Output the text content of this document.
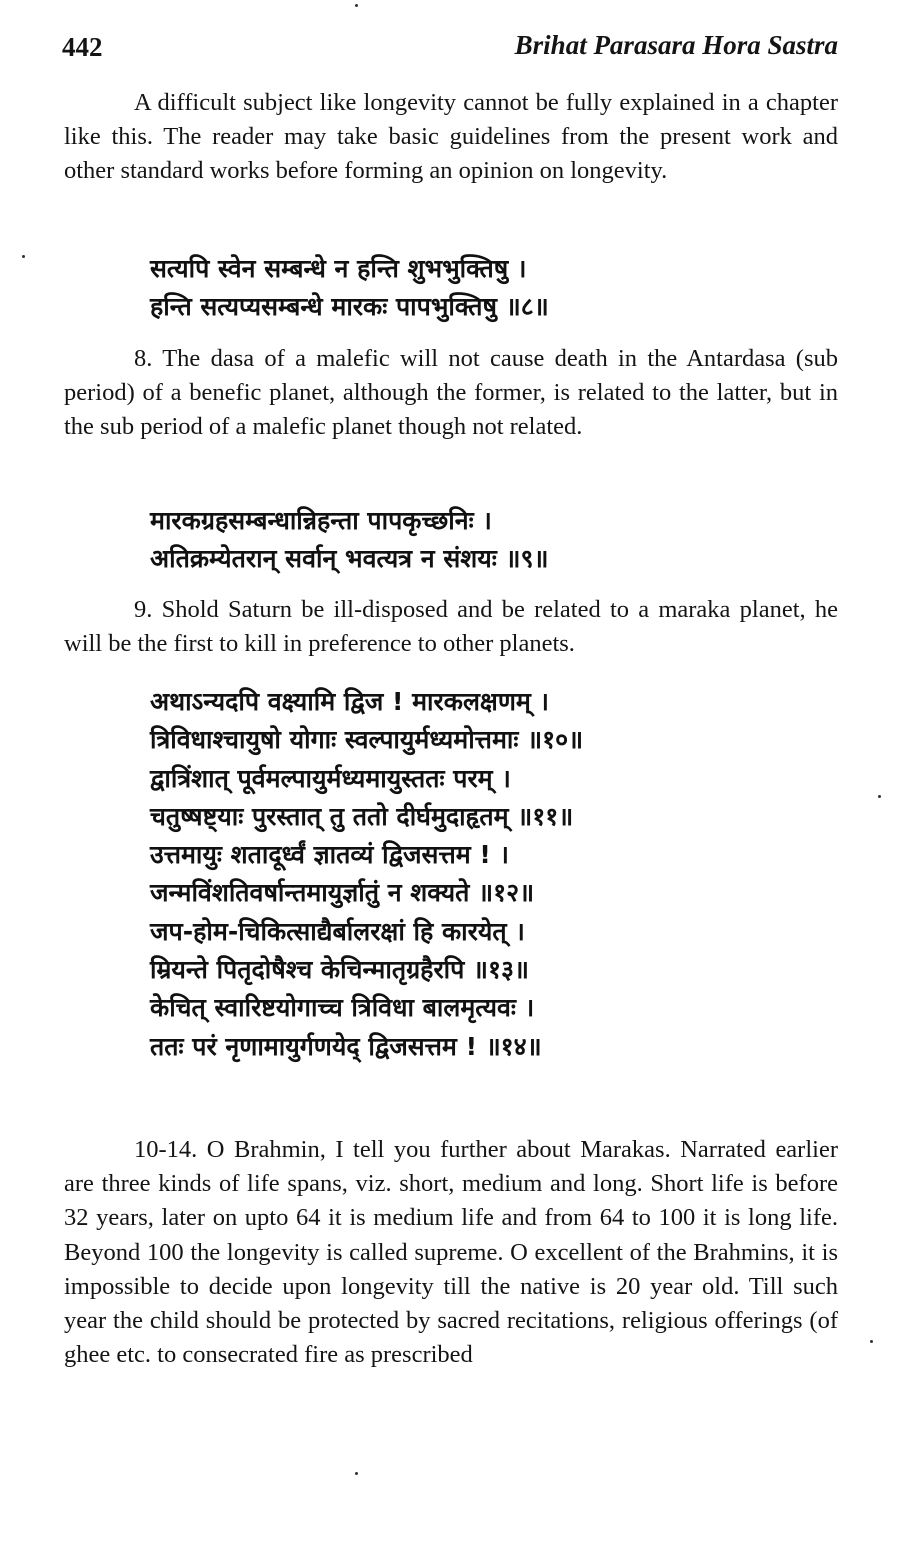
442	Brihat Parasara Hora Sastra

A difficult subject like longevity cannot be fully explained in a chapter like this. The reader may take basic guidelines from the present work and other standard works before forming an opinion on longevity.

सत्यपि स्वेन सम्बन्धे न हन्ति शुभभुक्तिषु ।
हन्ति सत्यप्यसम्बन्धे मारकः पापभुक्तिषु ॥८॥

8. The dasa of a malefic will not cause death in the Antardasa (sub period) of a benefic planet, although the former, is related to the latter, but in the sub period of a malefic planet though not related.

मारकग्रहसम्बन्धान्निहन्ता पापकृच्छनिः ।
अतिक्रम्येतरान् सर्वान् भवत्यत्र न संशयः ॥९॥

9. Shold Saturn be ill-disposed and be related to a maraka planet, he will be the first to kill in preference to other planets.

अथाऽन्यदपि वक्ष्यामि द्विज ! मारकलक्षणम् ।
त्रिविधाश्चायुषो योगाः स्वल्पायुर्मध्यमोत्तमाः ॥१०॥
द्वात्रिंशात् पूर्वमल्पायुर्मध्यमायुस्ततः परम् ।
चतुष्षष्ट्याः पुरस्तात् तु ततो दीर्घमुदाहृतम् ॥११॥
उत्तमायुः शतादूर्ध्वं ज्ञातव्यं द्विजसत्तम ! ।
जन्मविंशतिवर्षान्तमायुर्ज्ञातुं न शक्यते ॥१२॥
जप-होम-चिकित्साद्यैर्बालरक्षां हि कारयेत् ।
म्रियन्ते पितृदोषैश्च केचिन्मातृग्रहैरपि ॥१३॥
केचित् स्वारिष्टयोगाच्च त्रिविधा बालमृत्यवः ।
ततः परं नृणामायुर्गणयेद् द्विजसत्तम ! ॥१४॥

10-14. O Brahmin, I tell you further about Marakas. Narrated earlier are three kinds of life spans, viz. short, medium and long. Short life is before 32 years, later on upto 64 it is medium life and from 64 to 100 it is long life. Beyond 100 the longevity is called supreme. O excellent of the Brahmins, it is impossible to decide upon longevity till the native is 20 year old. Till such year the child should be protected by sacred recitations, religious offerings (of ghee etc. to consecrated fire as prescribed
